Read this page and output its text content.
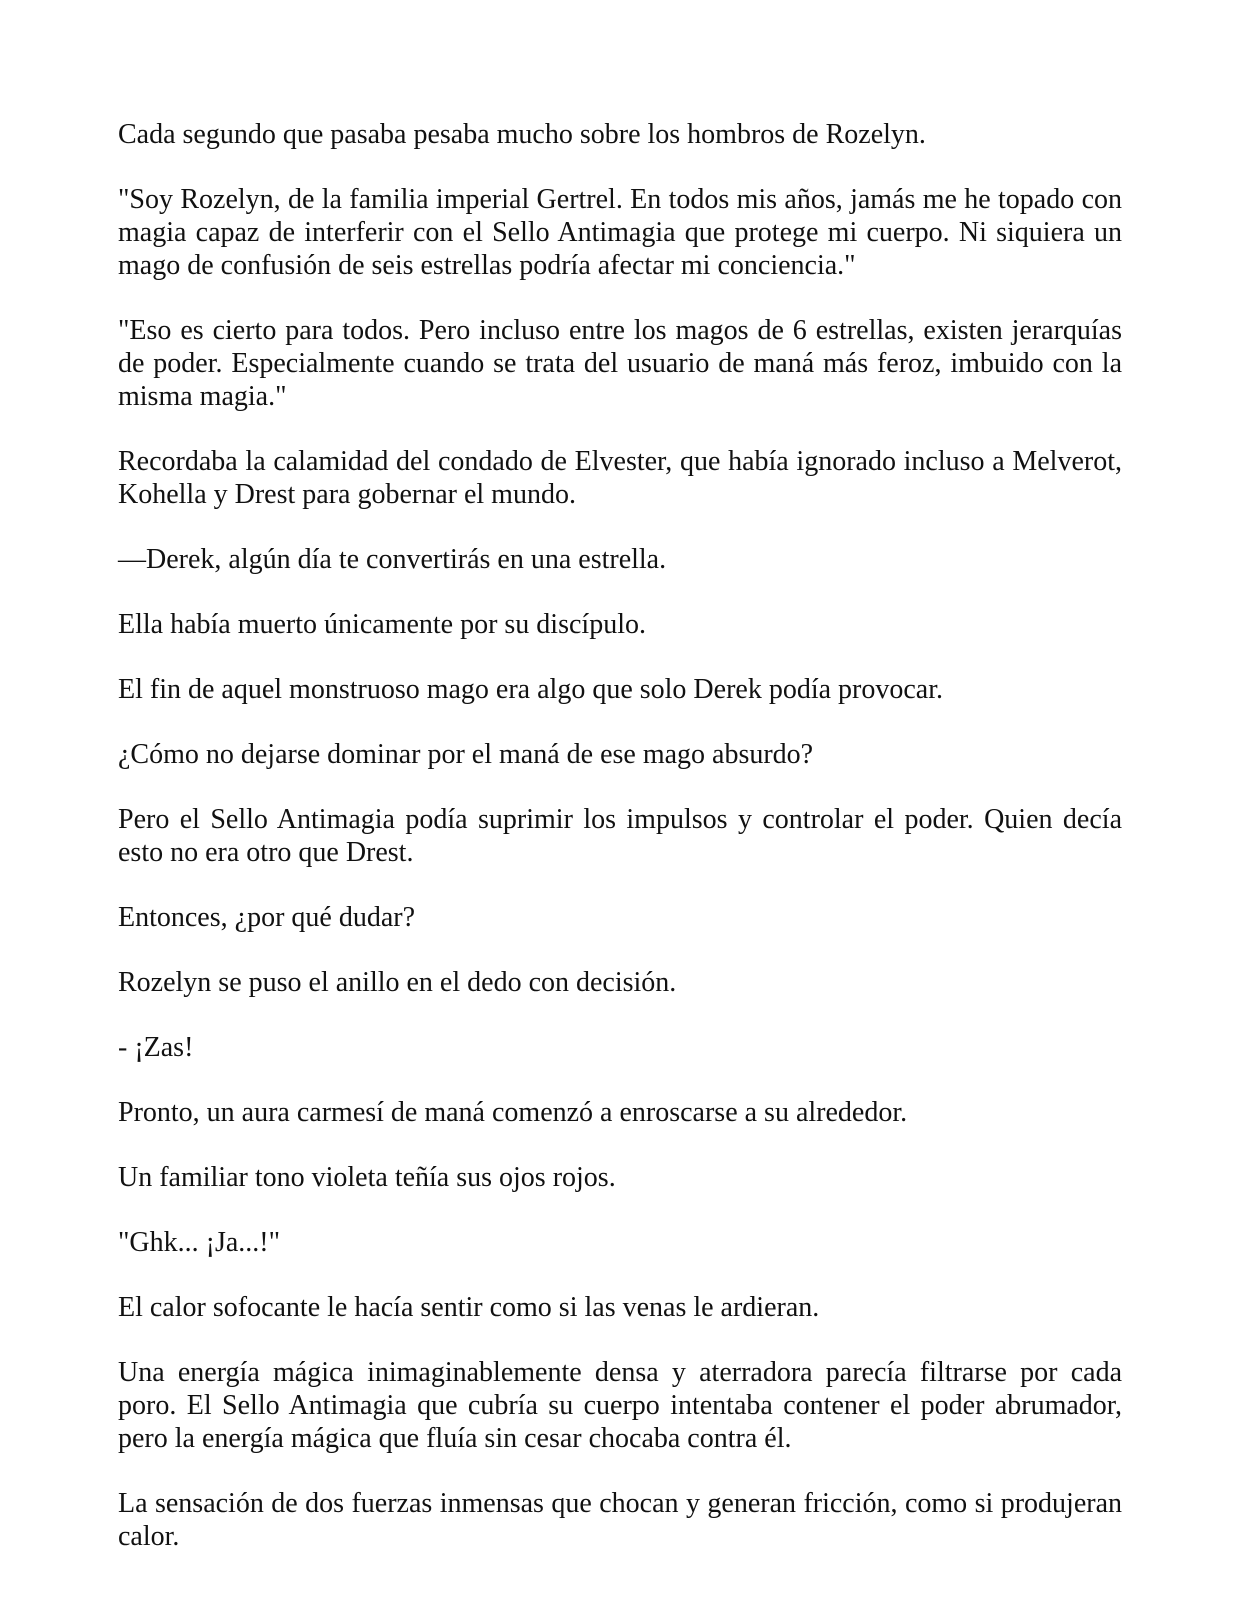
Cada segundo que pasaba pesaba mucho sobre los hombros de Rozelyn.

"Soy Rozelyn, de la familia imperial Gertrel. En todos mis años, jamás me he topado con magia capaz de interferir con el Sello Antimagia que protege mi cuerpo. Ni siquiera un mago de confusión de seis estrellas podría afectar mi conciencia."

"Eso es cierto para todos. Pero incluso entre los magos de 6 estrellas, existen jerarquías de poder. Especialmente cuando se trata del usuario de maná más feroz, imbuido con la misma magia."

Recordaba la calamidad del condado de Elvester, que había ignorado incluso a Melverot, Kohella y Drest para gobernar el mundo.

—Derek, algún día te convertirás en una estrella.

Ella había muerto únicamente por su discípulo.

El fin de aquel monstruoso mago era algo que solo Derek podía provocar.

¿Cómo no dejarse dominar por el maná de ese mago absurdo?

Pero el Sello Antimagia podía suprimir los impulsos y controlar el poder. Quien decía esto no era otro que Drest.

Entonces, ¿por qué dudar?

Rozelyn se puso el anillo en el dedo con decisión.

- ¡Zas!

Pronto, un aura carmesí de maná comenzó a enroscarse a su alrededor.

Un familiar tono violeta teñía sus ojos rojos.

"Ghk... ¡Ja...!"

El calor sofocante le hacía sentir como si las venas le ardieran.

Una energía mágica inimaginablemente densa y aterradora parecía filtrarse por cada poro. El Sello Antimagia que cubría su cuerpo intentaba contener el poder abrumador, pero la energía mágica que fluía sin cesar chocaba contra él.

La sensación de dos fuerzas inmensas que chocan y generan fricción, como si produjeran calor.
